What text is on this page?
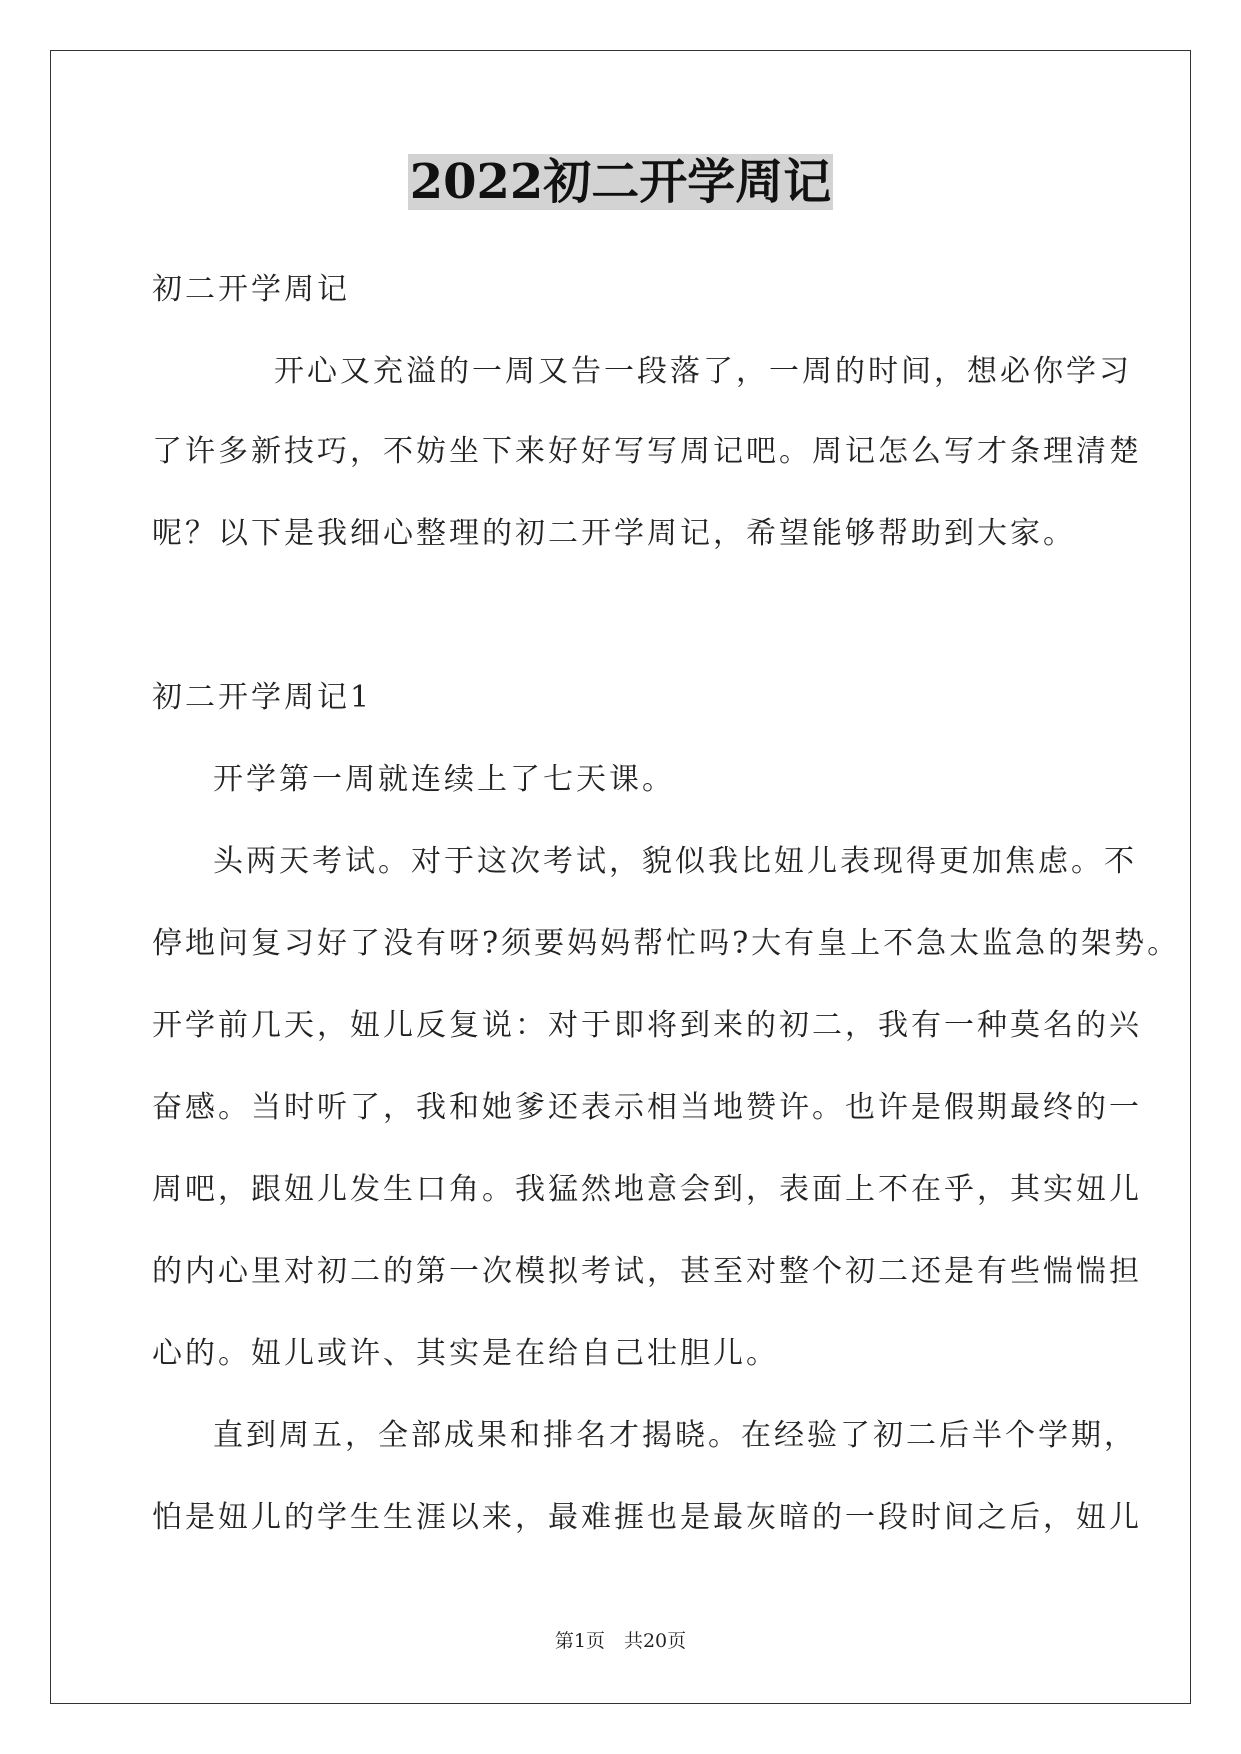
2022初二开学周记
初二开学周记
开心又充溢的一周又告一段落了，一周的时间，想必你学习
了许多新技巧，不妨坐下来好好写写周记吧。周记怎么写才条理清楚
呢？以下是我细心整理的初二开学周记，希望能够帮助到大家。
初二开学周记1
开学第一周就连续上了七天课。
头两天考试。对于这次考试，貌似我比妞儿表现得更加焦虑。不
停地问复习好了没有呀?须要妈妈帮忙吗?大有皇上不急太监急的架势。
开学前几天，妞儿反复说：对于即将到来的初二，我有一种莫名的兴
奋感。当时听了，我和她爹还表示相当地赞许。也许是假期最终的一
周吧，跟妞儿发生口角。我猛然地意会到，表面上不在乎，其实妞儿
的内心里对初二的第一次模拟考试，甚至对整个初二还是有些惴惴担
心的。妞儿或许、其实是在给自己壮胆儿。
直到周五，全部成果和排名才揭晓。在经验了初二后半个学期，
怕是妞儿的学生生涯以来，最难捱也是最灰暗的一段时间之后，妞儿
第1页　共20页
